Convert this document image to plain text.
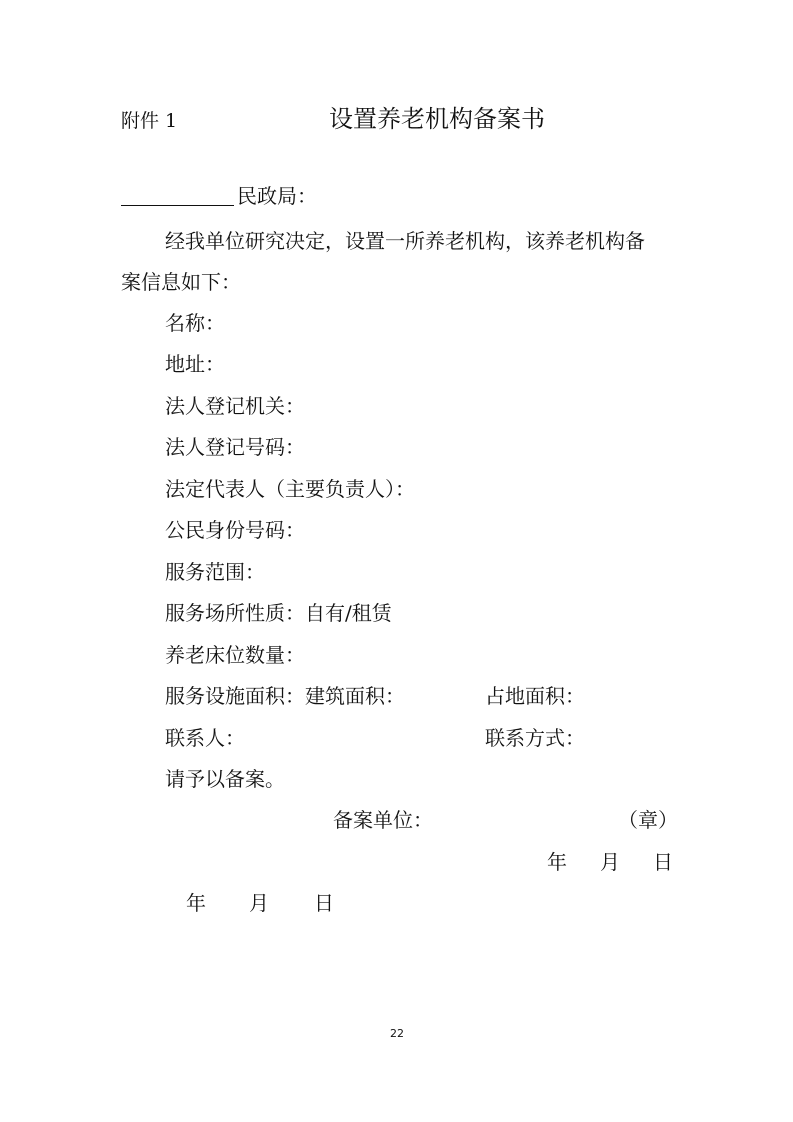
附件 1	设置养老机构备案书
民政局：
经我单位研究决定，设置一所养老机构，该养老机构备
案信息如下：
名称：
地址：
法人登记机关：
法人登记号码：
法定代表人（主要负责人）：
公民身份号码：
服务范围：
服务场所性质：自有/租赁
养老床位数量：
服务设施面积：建筑面积：	占地面积：
联系人：	联系方式：
请予以备案。
备案单位：	（章）
年 月 日
年 月 日
22
